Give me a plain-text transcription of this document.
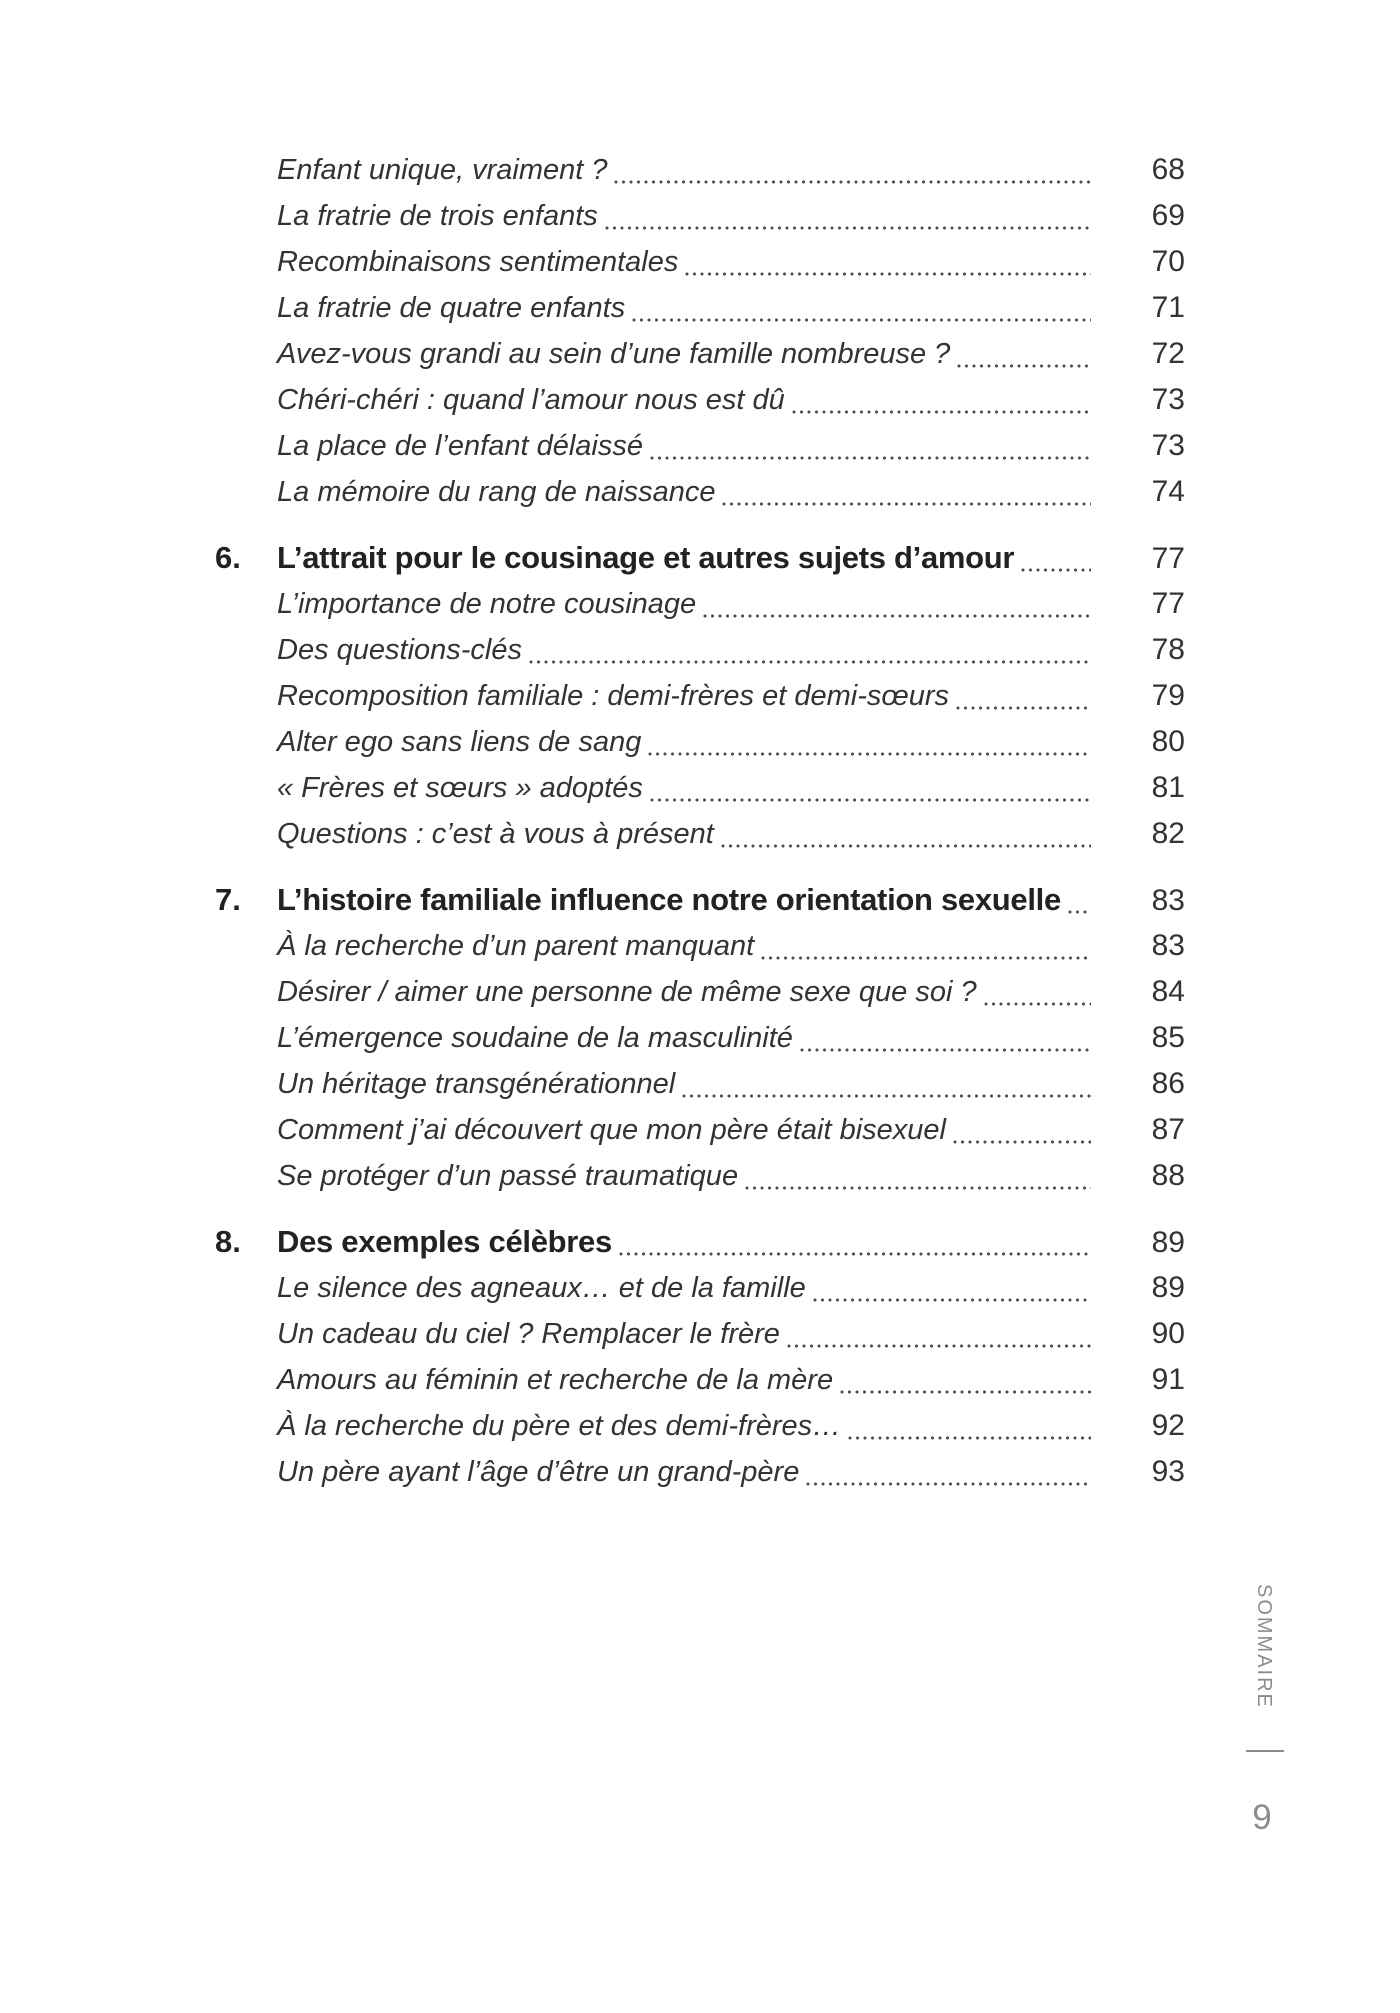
Enfant unique, vraiment ?	68
La fratrie de trois enfants	69
Recombinaisons sentimentales	70
La fratrie de quatre enfants	71
Avez-vous grandi au sein d’une famille nombreuse ?	72
Chéri-chéri : quand l’amour nous est dû	73
La place de l’enfant délaissé	73
La mémoire du rang de naissance	74
6.	L’attrait pour le cousinage et autres sujets d’amour	77
L’importance de notre cousinage	77
Des questions-clés	78
Recomposition familiale : demi-frères et demi-sœurs	79
Alter ego sans liens de sang	80
« Frères et sœurs » adoptés	81
Questions : c’est à vous à présent	82
7.	L’histoire familiale influence notre orientation sexuelle	83
À la recherche d’un parent manquant	83
Désirer / aimer une personne de même sexe que soi ?	84
L’émergence soudaine de la masculinité	85
Un héritage transgénérationnel	86
Comment j’ai découvert que mon père était bisexuel	87
Se protéger d’un passé traumatique	88
8.	Des exemples célèbres	89
Le silence des agneaux… et de la famille	89
Un cadeau du ciel ? Remplacer le frère	90
Amours au féminin et recherche de la mère	91
À la recherche du père et des demi-frères…	92
Un père ayant l’âge d’être un grand-père	93
SOMMAIRE
9
